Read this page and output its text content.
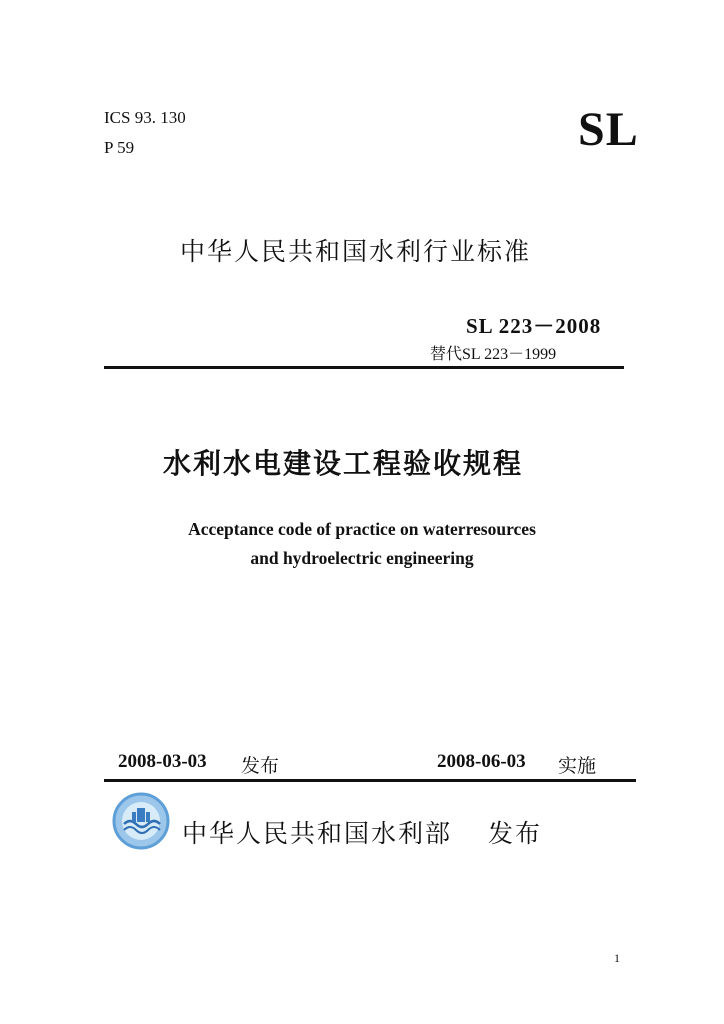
ICS 93. 130
P 59	SL
中华人民共和国水利行业标准
SL 223－2008
替代SL 223－1999
水利水电建设工程验收规程
Acceptance code of practice on waterresources
and hydroelectric engineering
2008-03-03 发布	2008-06-03 实施
中华人民共和国水利部 发布
1
